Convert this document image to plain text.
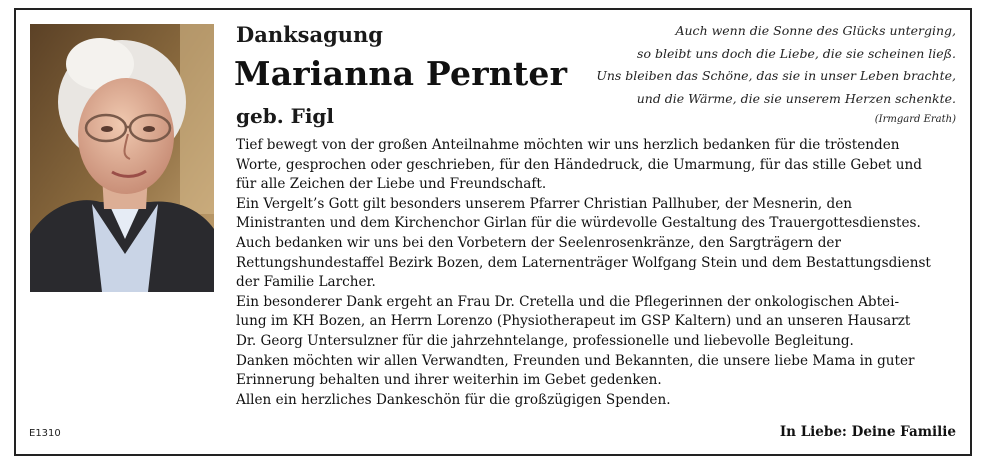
Danksagung
Marianna Pernter
geb. Figl
Auch wenn die Sonne des Glücks unterging,
so bleibt uns doch die Liebe, die sie scheinen ließ.
Uns bleiben das Schöne, das sie in unser Leben brachte,
und die Wärme, die sie unserem Herzen schenkte.
(Irmgard Erath)

Tief bewegt von der großen Anteilnahme möchten wir uns herzlich bedanken für die tröstenden

Worte, gesprochen oder geschrieben, für den Händedruck, die Umarmung, für das stille Gebet und

für alle Zeichen der Liebe und Freundschaft.

Ein Vergelt’s Gott gilt besonders unserem Pfarrer Christian Pallhuber, der Mesnerin, den

Ministranten und dem Kirchenchor Girlan für die würdevolle Gestaltung des Trauergottesdienstes.

Auch bedanken wir uns bei den Vorbetern der Seelenrosenkränze, den Sargträgern der

Rettungshundestaffel Bezirk Bozen, dem Laternenträger Wolfgang Stein und dem Bestattungsdienst

der Familie Larcher.

Ein besonderer Dank ergeht an Frau Dr. Cretella und die Pflegerinnen der onkologischen Abtei-

lung im KH Bozen, an Herrn Lorenzo (Physiotherapeut im GSP Kaltern) und an unseren Hausarzt

Dr. Georg Untersulzner für die jahrzehntelange, professionelle und liebevolle Begleitung.

Danken möchten wir allen Verwandten, Freunden und Bekannten, die unsere liebe Mama in guter

Erinnerung behalten und ihrer weiterhin im Gebet gedenken.

Allen ein herzliches Dankeschön für die großzügigen Spenden.

In Liebe: Deine Familie
E1310
